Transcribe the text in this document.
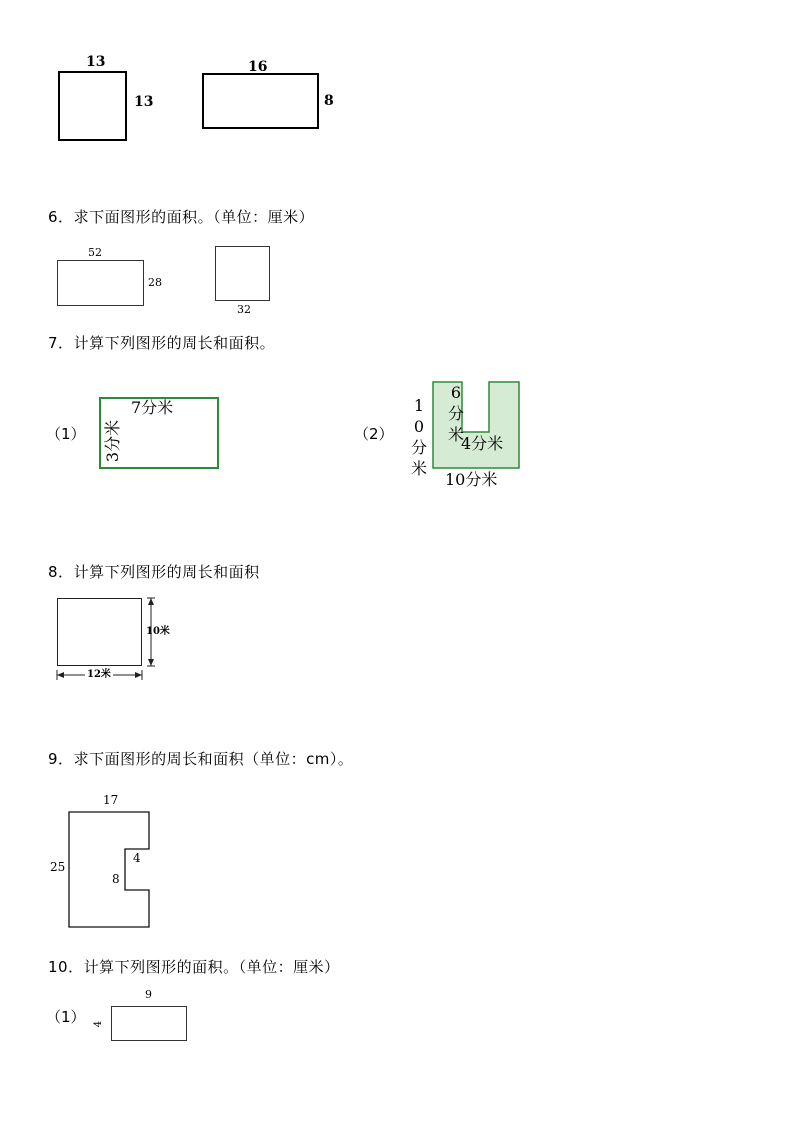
13
13
16
8
6．求下面图形的面积。（单位：厘米）
52
28
32
7．计算下列图形的周长和面积。
（1）
7分米
3分米	（2）
10分米
6分米
4分米
10分米
8．计算下列图形的周长和面积
10米
12米
9．求下面图形的周长和面积（单位：cm）。
17
25
4
8
10．计算下列图形的面积。（单位：厘米）
（1）
9
4
